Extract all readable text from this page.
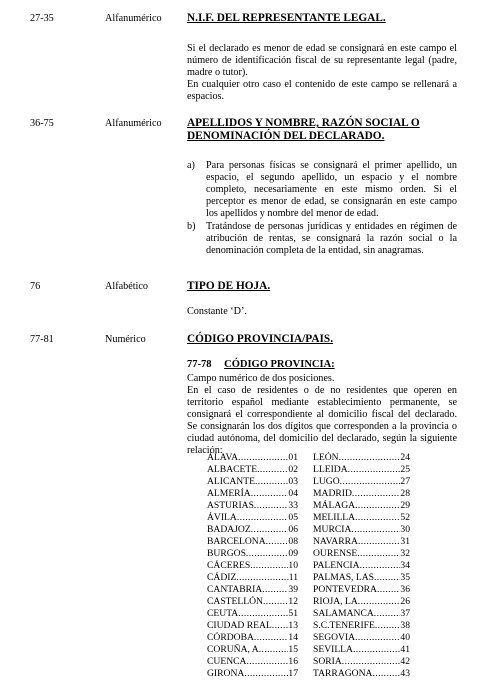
27-35	Alfanumérico N.I.F. DEL REPRESENTANTE LEGAL.

Si el declarado es menor de edad se consignará en este campo el número de identificación fiscal de su representante legal (padre, madre o tutor).

En cualquier otro caso el contenido de este campo se rellenará a espacios.

36-75	Alfanumérico APELLIDOS Y NOMBRE, RAZÓN SOCIAL O DENOMINACIÓN DEL DECLARADO.
a) Para personas físicas se consignará el primer apellido, un espacio, el segundo apellido, un espacio y el nombre completo, necesariamente en este mismo orden. Si el perceptor es menor de edad, se consignarán en este campo los apellidos y nombre del menor de edad.
b) Tratándose de personas jurídicas y entidades en régimen de atribución de rentas, se consignará la razón social o la denominación completa de la entidad, sin anagramas.
76	Alfabético	TIPO DE HOJA.

Constante ‘D’.

77-81	Numérico	CÓDIGO PROVINCIA/PAIS.
77-78 CÓDIGO PROVINCIA:

Campo numérico de dos posiciones.

En el caso de residentes o de no residentes que operen en territorio español mediante establecimiento permanente, se consignará el correspondiente al domicilio fiscal del declarado. Se consignarán los dos dígitos que corresponden a la provincia o ciudad autónoma, del domicilio del declarado, según la siguiente relación:

ÁLAVA .....	01
ALBACETE .....	02
ALICANTE .....	03
ALMERÍA .....	04
ASTURIAS .....	33
ÁVILA .....	05
BADAJOZ .....	06
BARCELONA ..... 08
BURGOS .....	09
CÁCERES .....	10
CÁDIZ .....	11
CANTABRIA .....	39
CASTELLÓN .....	12
CEUTA .....	51
CIUDAD REAL ..... 13
CÓRDOBA .....	14
CORUÑA, A .....	15
CUENCA .....	16
GIRONA .....	17
LEÓN .....	24
LLEIDA .....	25
LUGO .....	27
MADRID .....	28
MÁLAGA .....	29
MELILLA .....	52
MURCIA .....	30
NAVARRA .....	31
OURENSE .....	32
PALENCIA .....	34
PALMAS, LAS .....	35
PONTEVEDRA ..... 36
RIOJA, LA .....	26
SALAMANCA .....	37
S.C.TENERIFE .....	38
SEGOVIA .....	40
SEVILLA .....	41
SORIA .....	42
TARRAGONA .....	43
